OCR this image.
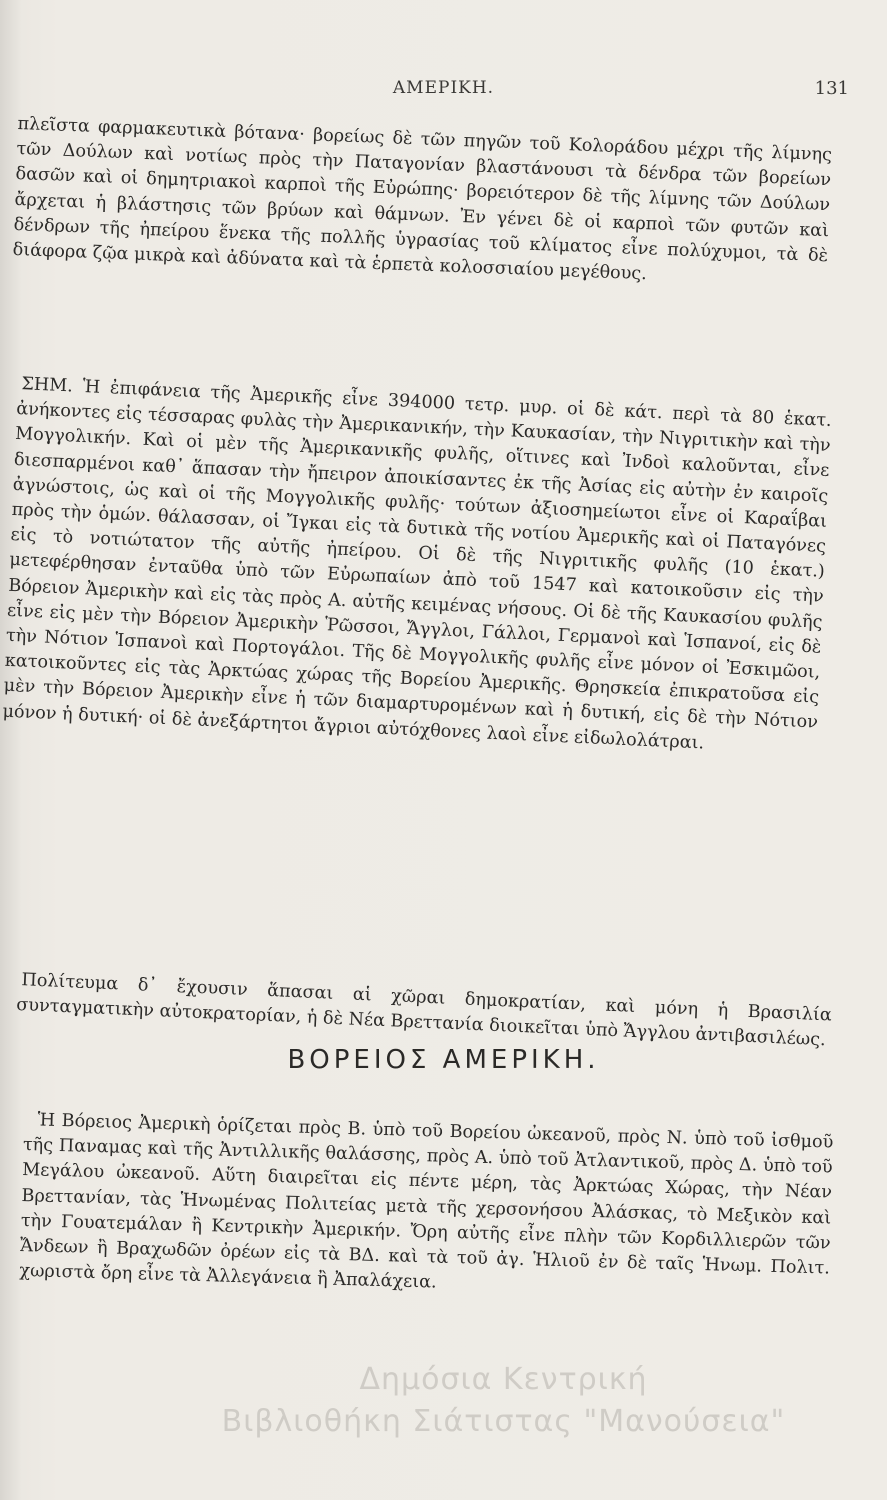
ΑΜΕΡΙΚΗ.	131

πλεῖστα φαρμακευτικὰ βότανα· βορείως δὲ τῶν πηγῶν τοῦ Κολοράδου μέχρι τῆς λίμνης τῶν Δούλων καὶ νοτίως πρὸς τὴν Παταγονίαν βλαστάνουσι τὰ δένδρα τῶν βορείων δασῶν καὶ οἱ δημητριακοὶ καρποὶ τῆς Εὐρώπης· βορειότερον δὲ τῆς λίμνης τῶν Δούλων ἄρχεται ἡ βλάστησις τῶν βρύων καὶ θάμνων. Ἐν γένει δὲ οἱ καρποὶ τῶν φυτῶν καὶ δένδρων τῆς ἠπείρου ἕνεκα τῆς πολλῆς ὑγρασίας τοῦ κλίματος εἶνε πολύχυμοι, τὰ δὲ διάφορα ζῷα μικρὰ καὶ ἀδύνατα καὶ τὰ ἑρπετὰ κολοσσιαίου μεγέθους.

ΣΗΜ. Ἡ ἐπιφάνεια τῆς Ἀμερικῆς εἶνε 394000 τετρ. μυρ. οἱ δὲ κάτ. περὶ τὰ 80 ἑκατ. ἀνήκοντες εἰς τέσσαρας φυλὰς τὴν Ἀμερικανικήν, τὴν Καυκασίαν, τὴν Νιγριτικὴν καὶ τὴν Μογγολικήν. Καὶ οἱ μὲν τῆς Ἀμερικανικῆς φυλῆς, οἵτινες καὶ Ἰνδοὶ καλοῦνται, εἶνε διεσπαρμένοι καθ᾽ ἅπασαν τὴν ἤπειρον ἀποικίσαντες ἐκ τῆς Ἀσίας εἰς αὐτὴν ἐν καιροῖς ἀγνώστοις, ὡς καὶ οἱ τῆς Μογγολικῆς φυλῆς· τούτων ἀξιοσημείωτοι εἶνε οἱ Καραΐβαι πρὸς τὴν ὁμών. θάλασσαν, οἱ Ἴγκαι εἰς τὰ δυτικὰ τῆς νοτίου Ἀμερικῆς καὶ οἱ Παταγόνες εἰς τὸ νοτιώτατον τῆς αὐτῆς ἠπείρου. Οἱ δὲ τῆς Νιγριτικῆς φυλῆς (10 ἑκατ.) μετεφέρθησαν ἐνταῦθα ὑπὸ τῶν Εὐρωπαίων ἀπὸ τοῦ 1547 καὶ κατοικοῦσιν εἰς τὴν Βόρειον Ἀμερικὴν καὶ εἰς τὰς πρὸς Α. αὐτῆς κειμένας νήσους. Οἱ δὲ τῆς Καυκασίου φυλῆς εἶνε εἰς μὲν τὴν Βόρειον Ἀμερικὴν Ῥῶσσοι, Ἄγγλοι, Γάλλοι, Γερμανοὶ καὶ Ἱσπανοί, εἰς δὲ τὴν Νότιον Ἱσπανοὶ καὶ Πορτογάλοι. Τῆς δὲ Μογγολικῆς φυλῆς εἶνε μόνον οἱ Ἐσκιμῶοι, κατοικοῦντες εἰς τὰς Ἀρκτώας χώρας τῆς Βορείου Ἀμερικῆς. Θρησκεία ἐπικρατοῦσα εἰς μὲν τὴν Βόρειον Ἀμερικὴν εἶνε ἡ τῶν διαμαρτυρομένων καὶ ἡ δυτική, εἰς δὲ τὴν Νότιον μόνον ἡ δυτική· οἱ δὲ ἀνεξάρτητοι ἄγριοι αὐτόχθονες λαοὶ εἶνε εἰδωλολάτραι.

Πολίτευμα δ᾽ ἔχουσιν ἅπασαι αἱ χῶραι δημοκρατίαν, καὶ μόνη ἡ Βρασιλία συνταγματικὴν αὐτοκρατορίαν, ἡ δὲ Νέα Βρεττανία διοικεῖται ὑπὸ Ἄγγλου ἀντιβασιλέως.

ΒΟΡΕΙΟΣ ΑΜΕΡΙΚΗ.

Ἡ Βόρειος Ἀμερικὴ ὁρίζεται πρὸς Β. ὑπὸ τοῦ Βορείου ὠκεανοῦ, πρὸς Ν. ὑπὸ τοῦ ἰσθμοῦ τῆς Παναμας καὶ τῆς Ἀντιλλικῆς θαλάσσης, πρὸς Α. ὑπὸ τοῦ Ἀτλαντικοῦ, πρὸς Δ. ὑπὸ τοῦ Μεγάλου ὠκεανοῦ. Αὕτη διαιρεῖται εἰς πέντε μέρη, τὰς Ἀρκτώας Χώρας, τὴν Νέαν Βρεττανίαν, τὰς Ἡνωμένας Πολιτείας μετὰ τῆς χερσονήσου Ἀλάσκας, τὸ Μεξικὸν καὶ τὴν Γουατεμάλαν ἢ Κεντρικὴν Ἀμερικήν. Ὄρη αὐτῆς εἶνε πλὴν τῶν Κορδιλλιερῶν τῶν Ἄνδεων ἢ Βραχωδῶν ὀρέων εἰς τὰ ΒΔ. καὶ τὰ τοῦ ἀγ. Ἡλιοῦ ἐν δὲ ταῖς Ἡνωμ. Πολιτ. χωριστὰ ὄρη εἶνε τὰ Ἀλλεγάνεια ἢ Ἀπαλάχεια.

Δημόσια Κεντρική
Βιβλιοθήκη Σιάτιστας "Μανούσεια"
